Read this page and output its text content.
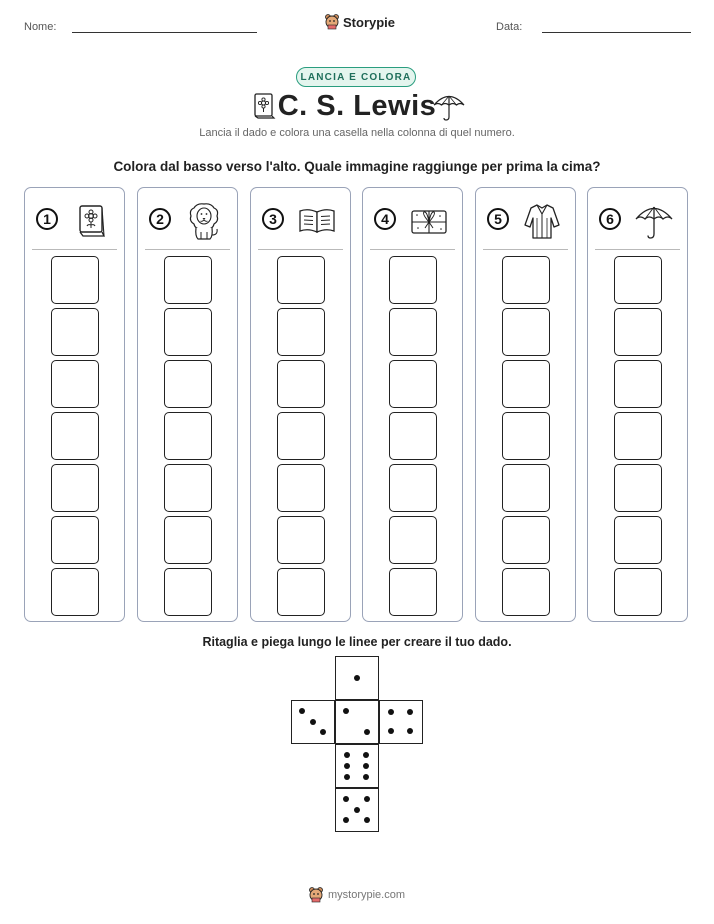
Nome:	Storypie	Data:
LANCIA E COLORA
C. S. Lewis
Lancia il dado e colora una casella nella colonna di quel numero.
Colora dal basso verso l'alto. Quale immagine raggiunge per prima la cima?
1	2	3	4	5	6
Ritaglia e piega lungo le linee per creare il tuo dado.
mystorypie.com
